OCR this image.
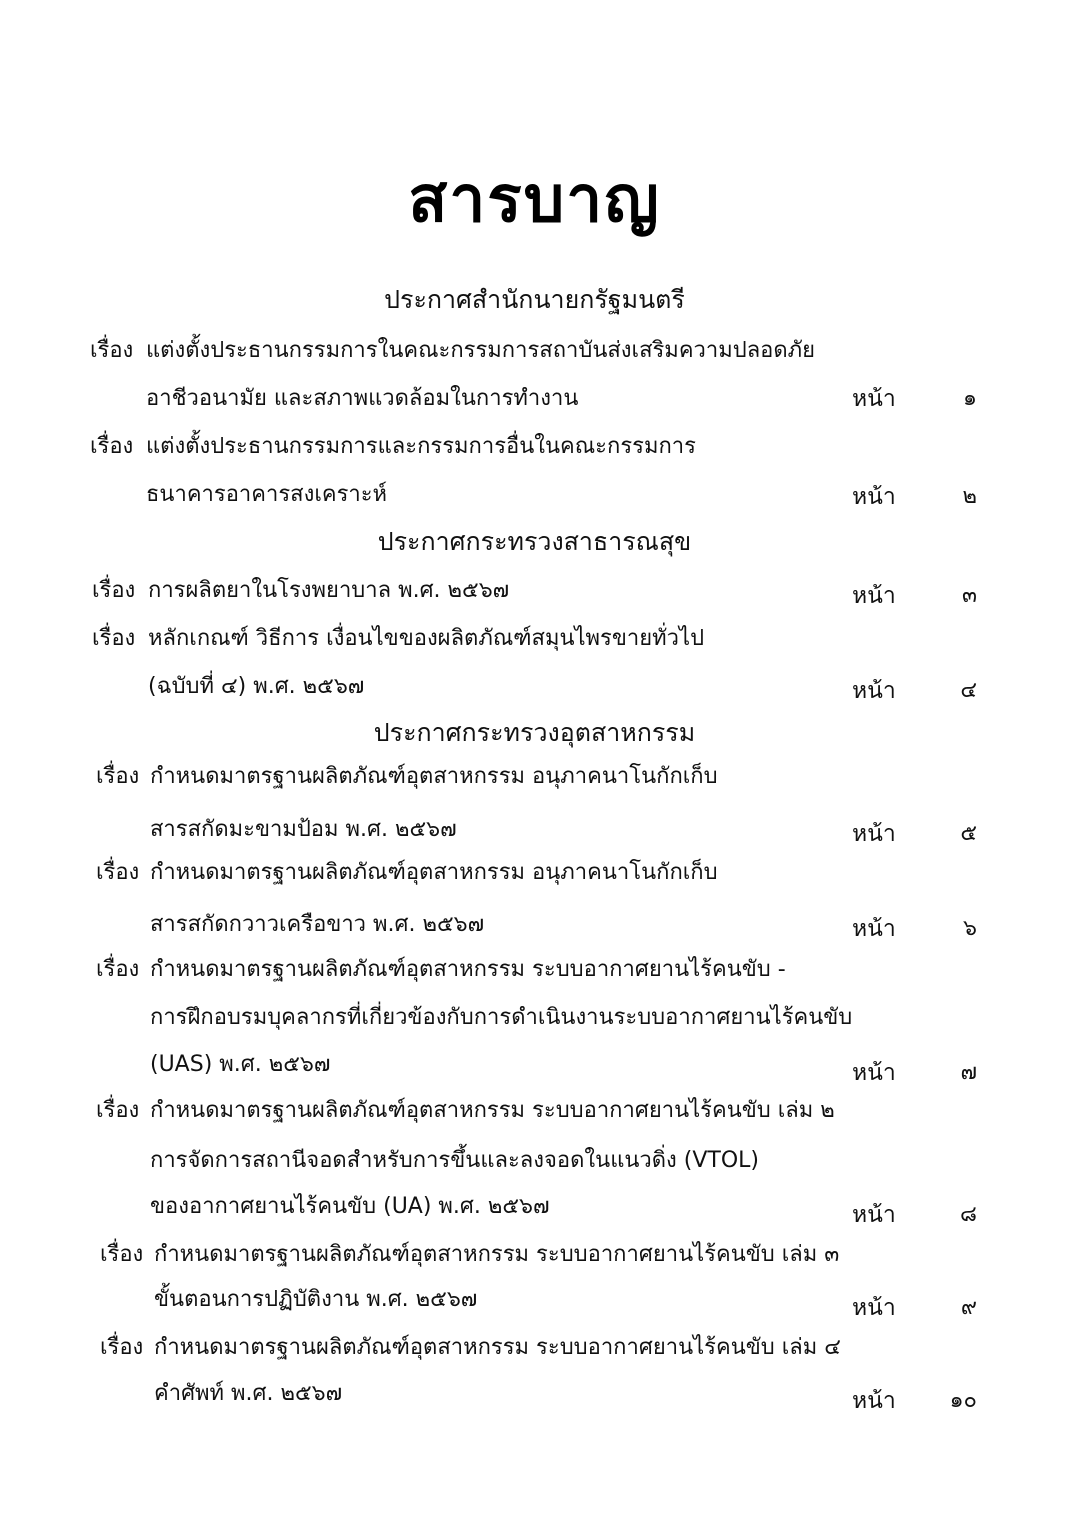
สารบาญ
ประกาศสำนักนายกรัฐมนตรี
เรื่อง แต่งตั้งประธานกรรมการในคณะกรรมการสถาบันส่งเสริมความปลอดภัย
อาชีวอนามัย และสภาพแวดล้อมในการทำงาน	หน้า	๑
เรื่อง แต่งตั้งประธานกรรมการและกรรมการอื่นในคณะกรรมการ
ธนาคารอาคารสงเคราะห์	หน้า	๒
ประกาศกระทรวงสาธารณสุข
เรื่อง การผลิตยาในโรงพยาบาล พ.ศ. ๒๕๖๗	หน้า	๓
เรื่อง หลักเกณฑ์ วิธีการ เงื่อนไขของผลิตภัณฑ์สมุนไพรขายทั่วไป
(ฉบับที่ ๔) พ.ศ. ๒๕๖๗	หน้า	๔
ประกาศกระทรวงอุตสาหกรรม
เรื่อง กำหนดมาตรฐานผลิตภัณฑ์อุตสาหกรรม อนุภาคนาโนกักเก็บ
สารสกัดมะขามป้อม พ.ศ. ๒๕๖๗	หน้า	๕
เรื่อง กำหนดมาตรฐานผลิตภัณฑ์อุตสาหกรรม อนุภาคนาโนกักเก็บ
สารสกัดกวาวเครือขาว พ.ศ. ๒๕๖๗	หน้า	๖
เรื่อง กำหนดมาตรฐานผลิตภัณฑ์อุตสาหกรรม ระบบอากาศยานไร้คนขับ -
การฝึกอบรมบุคลากรที่เกี่ยวข้องกับการดำเนินงานระบบอากาศยานไร้คนขับ
(UAS) พ.ศ. ๒๕๖๗	หน้า	๗
เรื่อง กำหนดมาตรฐานผลิตภัณฑ์อุตสาหกรรม ระบบอากาศยานไร้คนขับ เล่ม ๒
การจัดการสถานีจอดสำหรับการขึ้นและลงจอดในแนวดิ่ง (VTOL)
ของอากาศยานไร้คนขับ (UA) พ.ศ. ๒๕๖๗	หน้า	๘
เรื่อง กำหนดมาตรฐานผลิตภัณฑ์อุตสาหกรรม ระบบอากาศยานไร้คนขับ เล่ม ๓
ขั้นตอนการปฏิบัติงาน พ.ศ. ๒๕๖๗	หน้า	๙
เรื่อง กำหนดมาตรฐานผลิตภัณฑ์อุตสาหกรรม ระบบอากาศยานไร้คนขับ เล่ม ๔
คำศัพท์ พ.ศ. ๒๕๖๗	หน้า ๑๐
